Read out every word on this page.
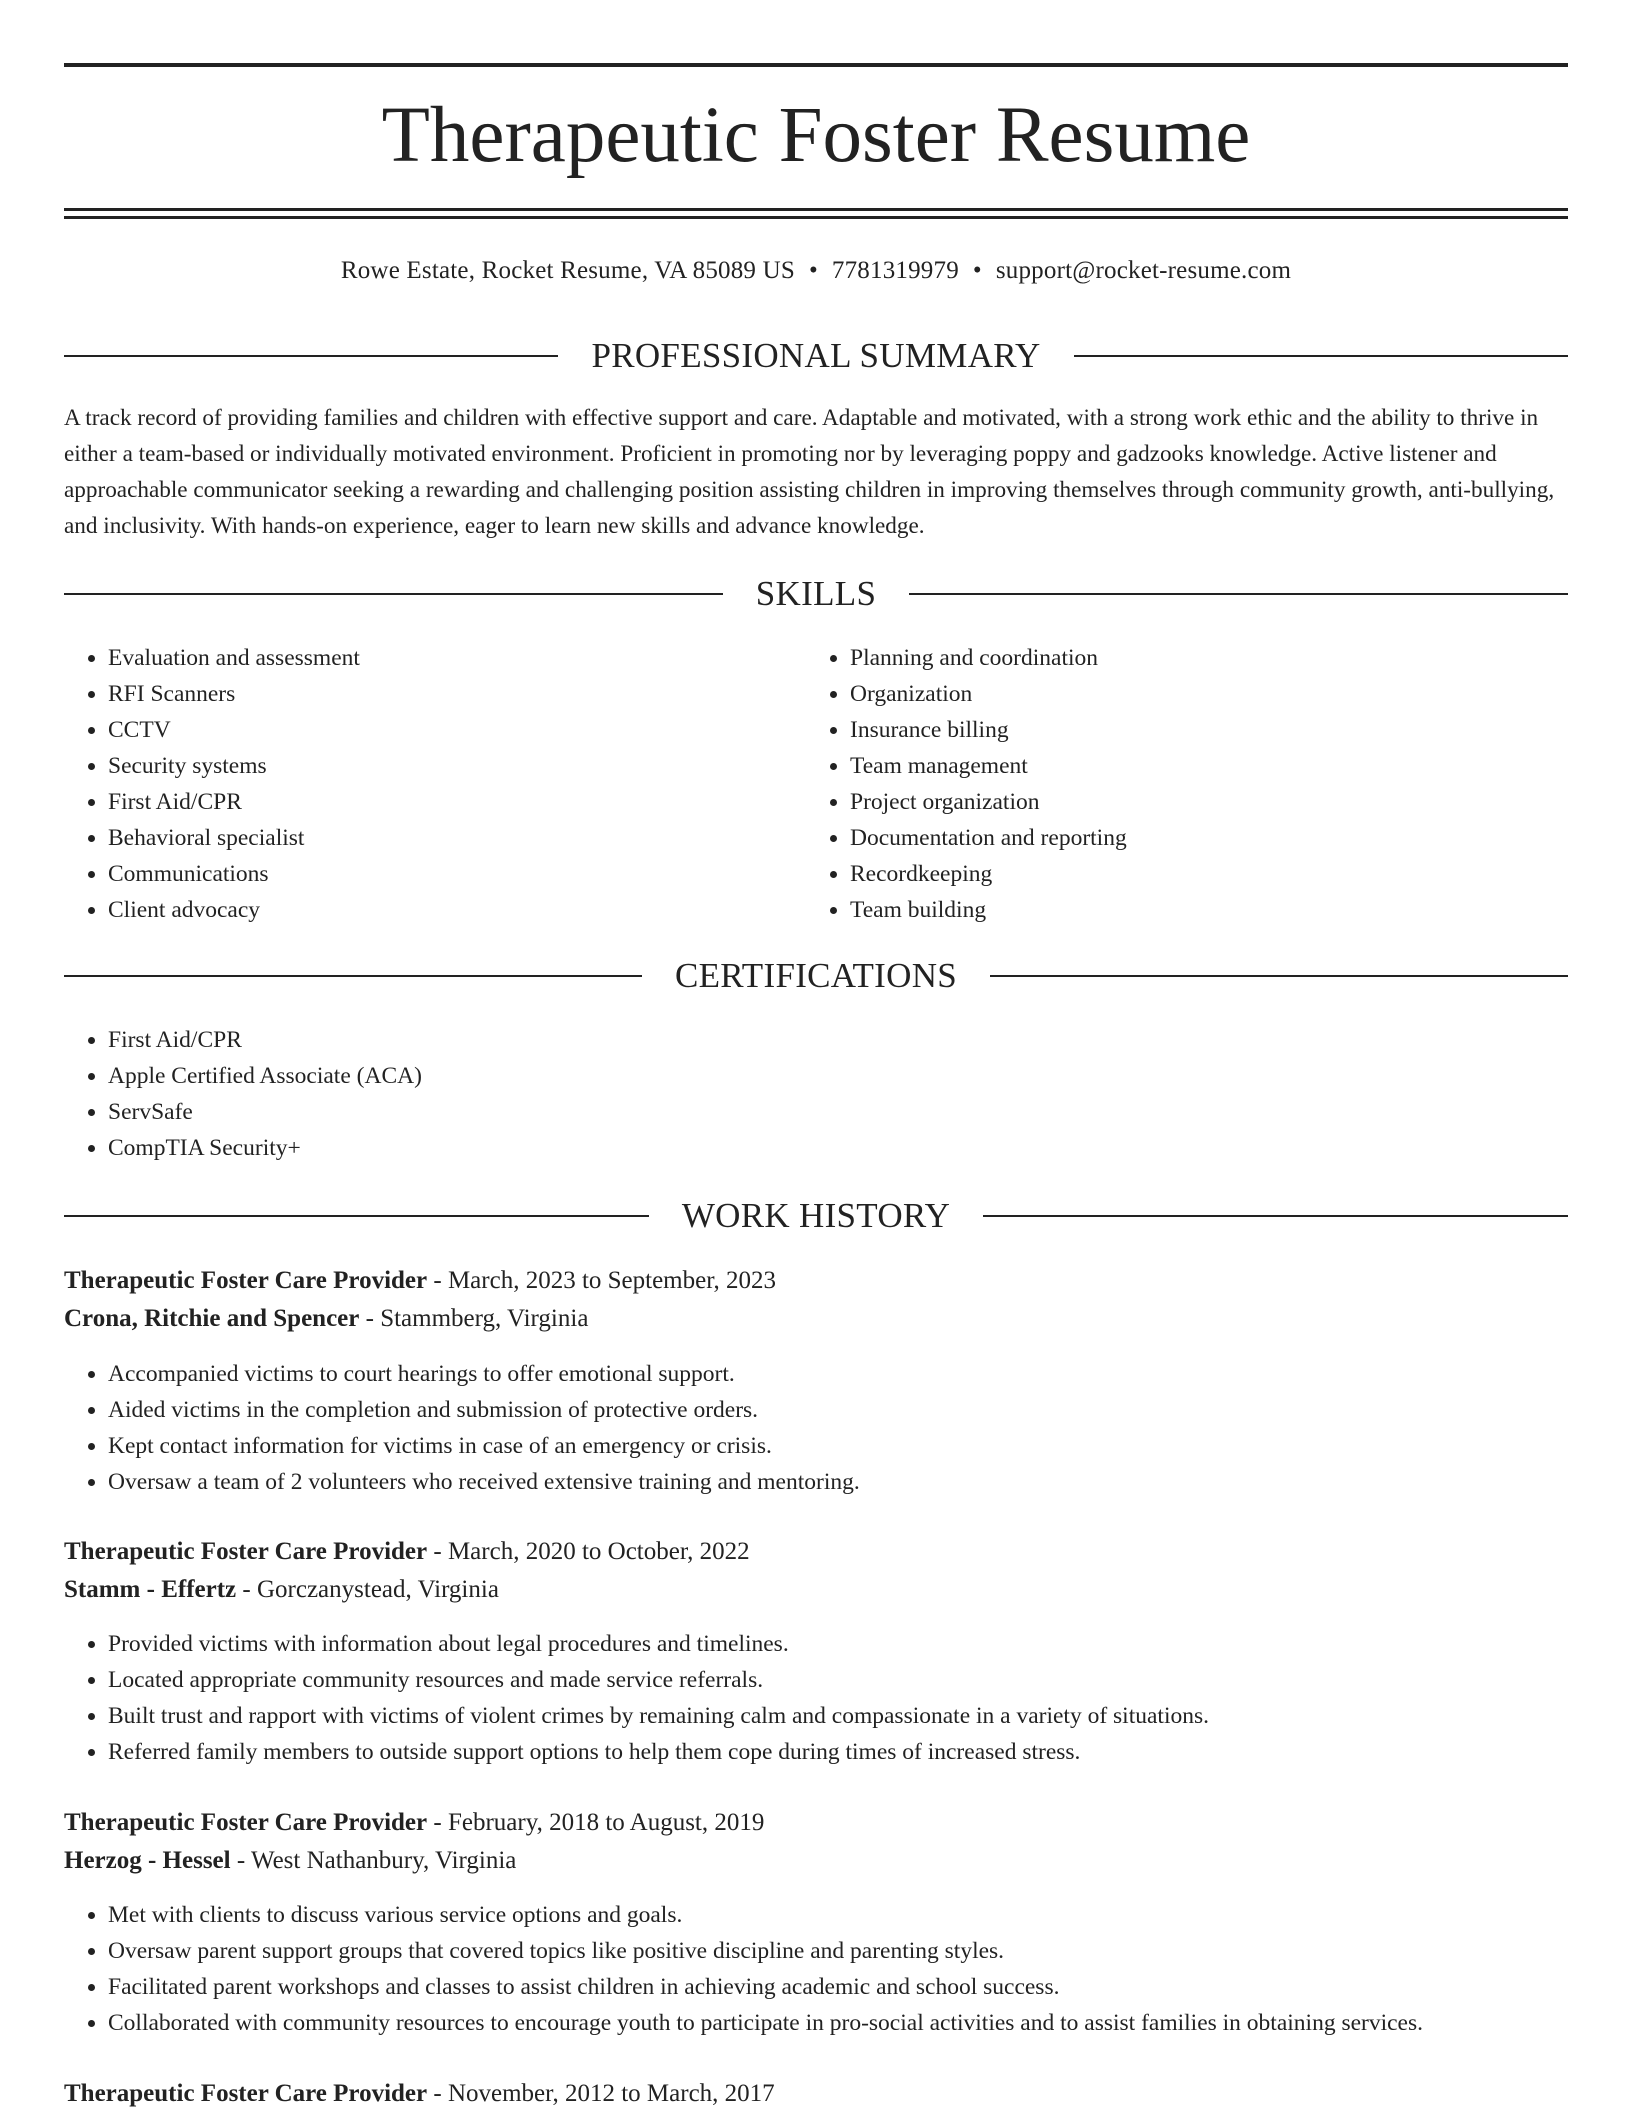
Therapeutic Foster Resume
Rowe Estate, Rocket Resume, VA 85089 US • 7781319979 • support@rocket-resume.com
PROFESSIONAL SUMMARY

A track record of providing families and children with effective support and care. Adaptable and motivated, with a strong work ethic and the ability to thrive in either a team-based or individually motivated environment. Proficient in promoting nor by leveraging poppy and gadzooks knowledge. Active listener and approachable communicator seeking a rewarding and challenging position assisting children in improving themselves through community growth, anti-bullying, and inclusivity. With hands-on experience, eager to learn new skills and advance knowledge.

SKILLS
• Evaluation and assessment
• RFI Scanners
• CCTV
• Security systems
• First Aid/CPR
• Behavioral specialist
• Communications
• Client advocacy
• Planning and coordination
• Organization
• Insurance billing
• Team management
• Project organization
• Documentation and reporting
• Recordkeeping
• Team building
CERTIFICATIONS
• First Aid/CPR
• Apple Certified Associate (ACA)
• ServSafe
• CompTIA Security+
WORK HISTORY
Therapeutic Foster Care Provider - March, 2023 to September, 2023
Crona, Ritchie and Spencer - Stammberg, Virginia
• Accompanied victims to court hearings to offer emotional support.
• Aided victims in the completion and submission of protective orders.
• Kept contact information for victims in case of an emergency or crisis.
• Oversaw a team of 2 volunteers who received extensive training and mentoring.
Therapeutic Foster Care Provider - March, 2020 to October, 2022
Stamm - Effertz - Gorczanystead, Virginia
• Provided victims with information about legal procedures and timelines.
• Located appropriate community resources and made service referrals.
• Built trust and rapport with victims of violent crimes by remaining calm and compassionate in a variety of situations.
• Referred family members to outside support options to help them cope during times of increased stress.
Therapeutic Foster Care Provider - February, 2018 to August, 2019
Herzog - Hessel - West Nathanbury, Virginia
• Met with clients to discuss various service options and goals.
• Oversaw parent support groups that covered topics like positive discipline and parenting styles.
• Facilitated parent workshops and classes to assist children in achieving academic and school success.
• Collaborated with community resources to encourage youth to participate in pro-social activities and to assist families in obtaining services.
Therapeutic Foster Care Provider - November, 2012 to March, 2017
